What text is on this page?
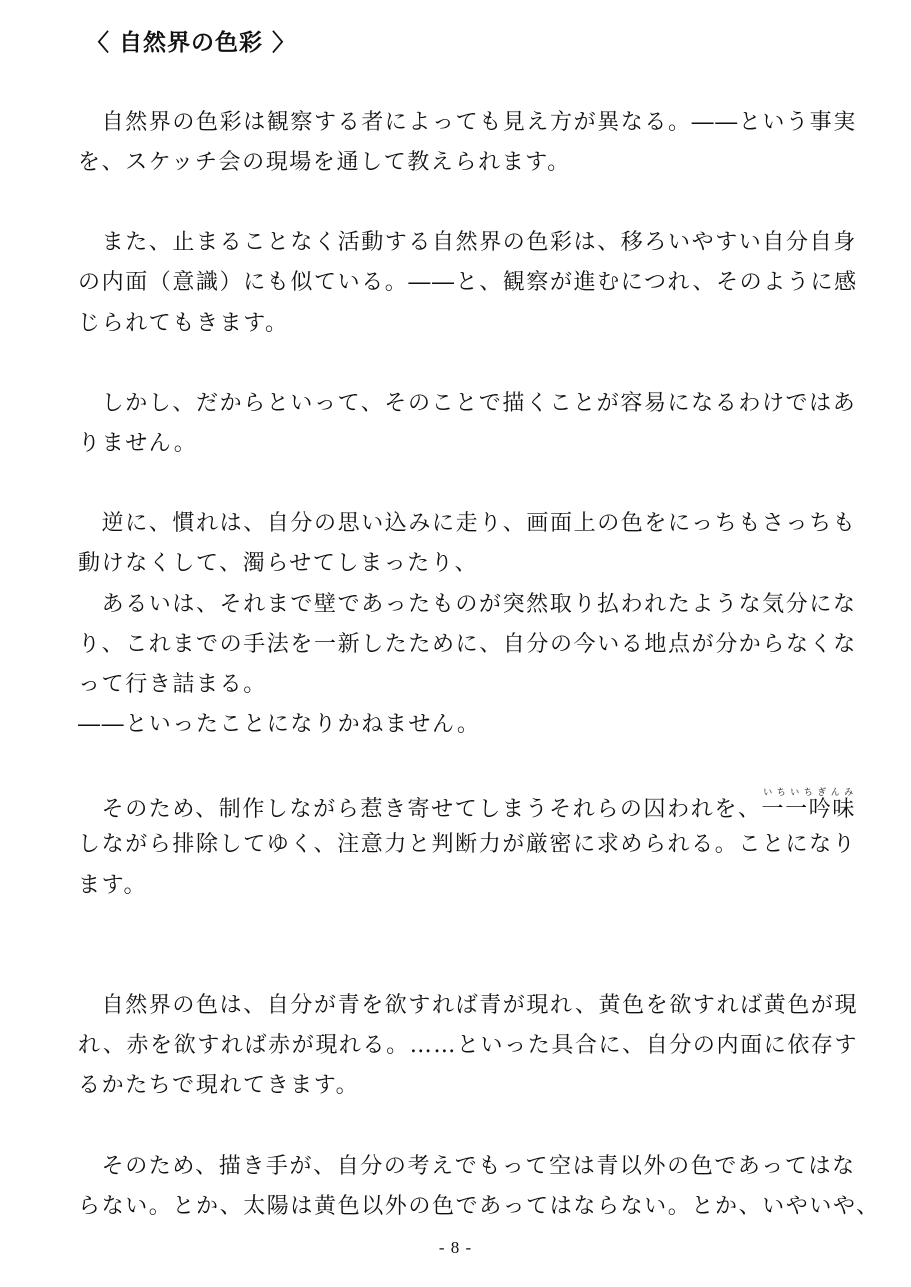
〈 自然界の色彩 〉

　自然界の色彩は観察する者によっても見え方が異なる。――という事実

を、スケッチ会の現場を通して教えられます。

　また、止まることなく活動する自然界の色彩は、移ろいやすい自分自身

の内面（意識）にも似ている。――と、観察が進むにつれ、そのように感

じられてもきます。

　しかし、だからといって、そのことで描くことが容易になるわけではあ

りません。

　逆に、慣れは、自分の思い込みに走り、画面上の色をにっちもさっちも

動けなくして、濁らせてしまったり、

　あるいは、それまで壁であったものが突然取り払われたような気分にな

り、これまでの手法を一新したために、自分の今いる地点が分からなくな

って行き詰まる。

――といったことになりかねません。

しながら排除してゆく、注意力と判断力が厳密に求められる。ことになり

ます。

　自然界の色は、自分が青を欲すれば青が現れ、黄色を欲すれば黄色が現

れ、赤を欲すれば赤が現れる。……といった具合に、自分の内面に依存す

るかたちで現れてきます。

　そのため、描き手が、自分の考えでもって空は青以外の色であってはな

らない。とか、太陽は黄色以外の色であってはならない。とか、いやいや、

　そのため、制作しながら惹き寄せてしまうそれらの囚われを、一一吟味いちいちぎんみ

- 8 -
